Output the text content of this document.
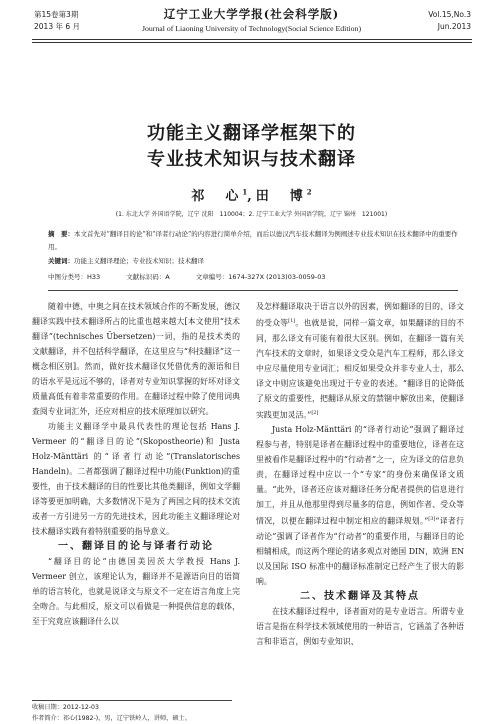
第15卷第3期
2013 年 6 月
辽宁工业大学学报(社会科学版)
Journal of Liaoning University of Technology(Social Science Edition)
Vol.15,No.3
Jun.2013
功能主义翻译学框架下的
专业技术知识与技术翻译
祁　心$^1$,田　博$^2$
(1. 东北大学 外国语学院，辽宁 沈阳　110004；2. 辽宁工业大学 外国语学院，辽宁 锦州　121001)
摘　要：本文首先对“翻译目的论”和“译者行动论”的内容进行简单介绍，而后以德汉汽车技术翻译为例阐述专业技术知识在技术翻译中的重要作用。
关键词：功能主义翻译理论；专业技术知识；技术翻译
中图分类号：H33	文献标识码：A	文章编号：1674-327X (2013)03-0059-03

随着中德、中奥之间在技术领域合作的不断发展，德汉翻译实践中技术翻译所占的比重也越来越大[本文使用“技术翻译”(technisches Übersetzen)一词，指的是技术类的文献翻译，并不包括科学翻译，在这里应与“科技翻译”这一概念相区别]。然而，做好技术翻译仅凭借优秀的源语和目的语水平是远远不够的，译者对专业知识掌握的好坏对译文质量高低有着非常重要的作用。在翻译过程中除了使用词典查阅专业词汇外，还应对相应的技术原理加以研究。

功能主义翻译学中最具代表性的理论包括 Hans J. Vermeer 的“翻译目的论”(Skopostheorie)和 Justa Holz-Mänttäri 的“译者行动论”(Translatorisches Handeln)。二者都强调了翻译过程中功能(Funktion)的重要性，由于技术翻译的目的性要比其他类翻译，例如文学翻译等要更加明确，大多数情况下是为了两国之间的技术交流或者一方引进另一方的先进技术，因此功能主义翻译理论对技术翻译实践有着特别重要的指导意义。

一、翻译目的论与译者行动论

“翻译目的论”由德国美因茨大学教授 Hans J. Vermeer 创立，该理论认为，翻译并不是源语向目的语简单的语言转化，也就是说译文与原文不一定在语言角度上完全吻合。与此相反，原文可以看做是一种提供信息的载体，至于究竟应该翻译什么以

及怎样翻译取决于语言以外的因素，例如翻译的目的、译文的受众等[1]。也就是说，同样一篇文章，如果翻译的目的不同，那么译文有可能有着很大区别。例如，在翻译一篇有关汽车技术的文章时，如果译文受众是汽车工程师，那么译文中应尽量使用专业词汇；相反如果受众并非专业人士，那么译文中则应该避免出现过于专业的表述。“翻译目的论降低了原文的重要性，把翻译从原文的禁锢中解放出来，使翻译实践更加灵活。”[2]

Justa Holz-Mänttäri 的“译者行动论”强调了翻译过程参与者，特别是译者在翻译过程中的重要地位，译者在这里被看作是翻译过程中的“行动者”之一，应为译文的信息负责，在翻译过程中应以一个“专家”的身份来确保译文质量。“此外，译者还应该对翻译任务分配者提供的信息进行加工，并且从他那里得到尽量多的信息，例如作者、受众等情况，以便在翻译过程中制定相应的翻译规划。”[3]“译者行动论”强调了译者作为“行动者”的重要作用，与翻译目的论相辅相成，而这两个理论的诸多观点对德国 DIN，欧洲 EN 以及国际 ISO 标准中的翻译标准制定已经产生了很大的影响。

二、技术翻译及其特点

在技术翻译过程中，译者面对的是专业语言。所谓专业语言是指在科学技术领域使用的一种语言，它涵盖了各种语言和非语言，例如专业知识、

收稿日期：2012-12-03
作者简介：祁心(1982-)，男，辽宁铁岭人，讲师，硕士。
